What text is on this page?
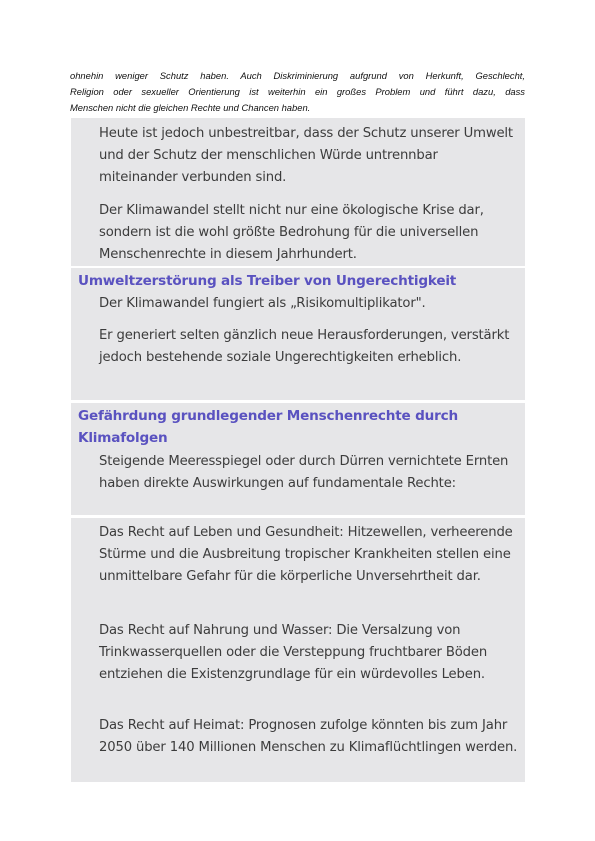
ohnehin weniger Schutz haben. Auch Diskriminierung aufgrund von Herkunft, Geschlecht,
Religion oder sexueller Orientierung ist weiterhin ein großes Problem und führt dazu, dass
Menschen nicht die gleichen Rechte und Chancen haben.

Heute ist jedoch unbestreitbar, dass der Schutz unserer Umwelt und der Schutz der menschlichen Würde untrennbar miteinander verbunden sind.

Der Klimawandel stellt nicht nur eine ökologische Krise dar, sondern ist die wohl größte Bedrohung für die universellen Menschenrechte in diesem Jahrhundert.

Umweltzerstörung als Treiber von Ungerechtigkeit

Der Klimawandel fungiert als „Risikomultiplikator".

Er generiert selten gänzlich neue Herausforderungen, verstärkt jedoch bestehende soziale Ungerechtigkeiten erheblich.

Gefährdung grundlegender Menschenrechte durch Klimafolgen

Steigende Meeresspiegel oder durch Dürren vernichtete Ernten haben direkte Auswirkungen auf fundamentale Rechte:

Das Recht auf Leben und Gesundheit: Hitzewellen, verheerende Stürme und die Ausbreitung tropischer Krankheiten stellen eine unmittelbare Gefahr für die körperliche Unversehrtheit dar.

Das Recht auf Nahrung und Wasser: Die Versalzung von Trinkwasserquellen oder die Versteppung fruchtbarer Böden entziehen die Existenzgrundlage für ein würdevolles Leben.

Das Recht auf Heimat: Prognosen zufolge könnten bis zum Jahr 2050 über 140 Millionen Menschen zu Klimaflüchtlingen werden.
